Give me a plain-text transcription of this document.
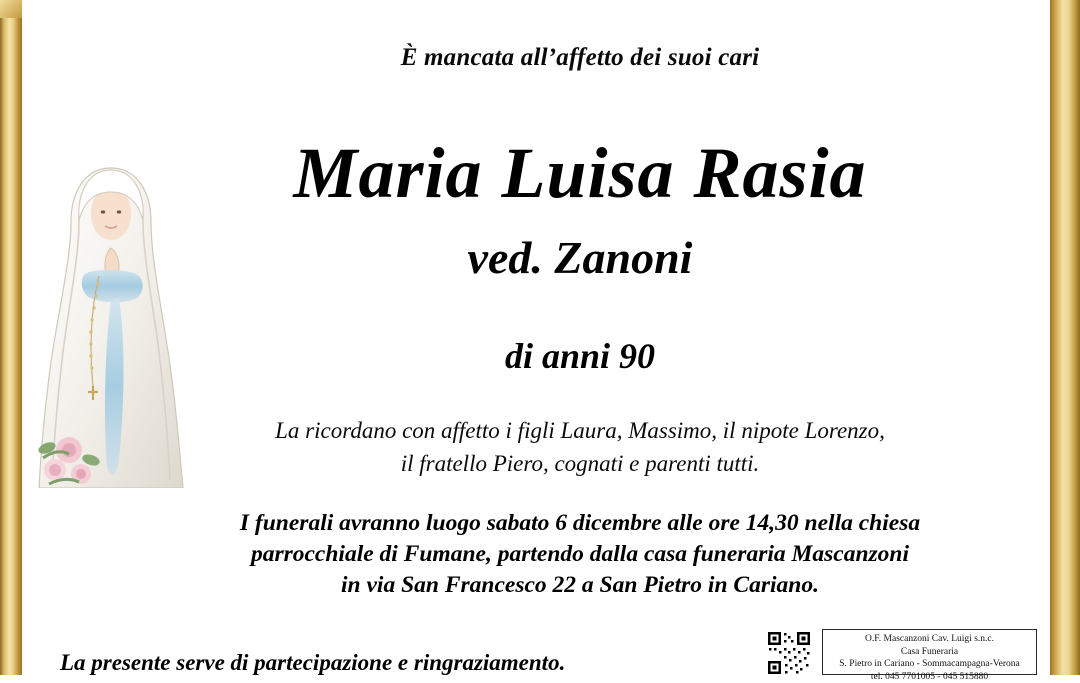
È mancata all’affetto dei suoi cari
Maria Luisa Rasia
ved. Zanoni
di anni 90
La ricordano con affetto i figli Laura, Massimo, il nipote Lorenzo,
il fratello Piero, cognati e parenti tutti.
I funerali avranno luogo sabato 6 dicembre alle ore 14,30 nella chiesa
parrocchiale di Fumane, partendo dalla casa funeraria Mascanzoni
in via San Francesco 22 a San Pietro in Cariano.
La presente serve di partecipazione e ringraziamento.
O.F. Mascanzoni Cav. Luigi s.n.c.
Casa Funeraria
S. Pietro in Cariano - Sommacampagna-Verona
tel. 045 7701005 - 045 515880
